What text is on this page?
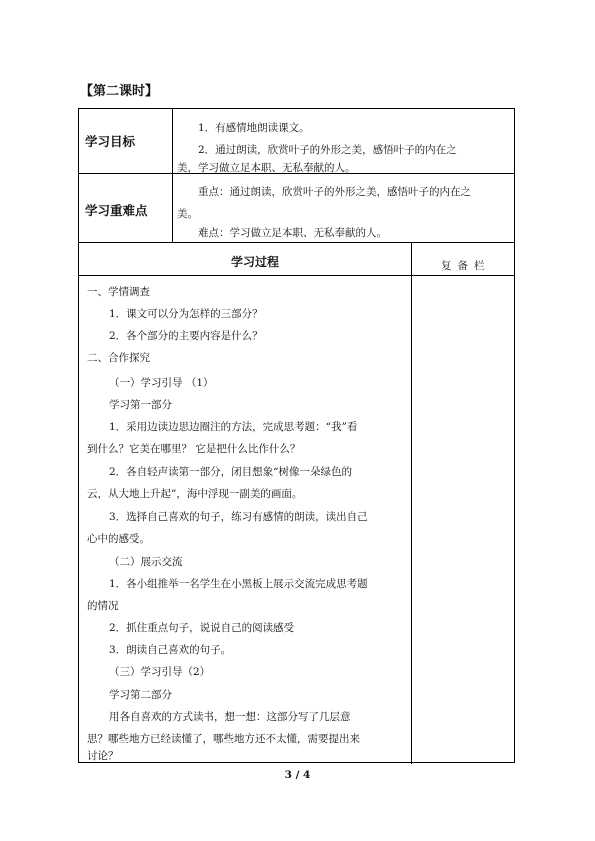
【第二课时】
学习目标
1．有感情地朗读课文。
2．通过朗读，欣赏叶子的外形之美，感悟叶子的内在之
美，学习做立足本职、无私奉献的人。
学习重难点
重点：通过朗读，欣赏叶子的外形之美，感悟叶子的内在之
美。
难点：学习做立足本职、无私奉献的人。
学习过程	复备栏
一、学情调查
1．课文可以分为怎样的三部分？
2．各个部分的主要内容是什么？
二、合作探究
（一）学习引导 （1）
学习第一部分
1．采用边读边思边圈注的方法，完成思考题：“我”看
到什么？它美在哪里？ 它是把什么比作什么？
2．各自轻声读第一部分，闭目想象“树像一朵绿色的
云，从大地上升起”，海中浮现一副美的画面。
3．选择自己喜欢的句子，练习有感情的朗读，读出自己
心中的感受。
（二）展示交流
1．各小组推举一名学生在小黑板上展示交流完成思考题
的情况
2．抓住重点句子，说说自己的阅读感受
3．朗读自己喜欢的句子。
（三）学习引导（2）
学习第二部分
用各自喜欢的方式读书，想一想：这部分写了几层意
思？哪些地方已经读懂了，哪些地方还不太懂，需要提出来
讨论？
3 / 4
